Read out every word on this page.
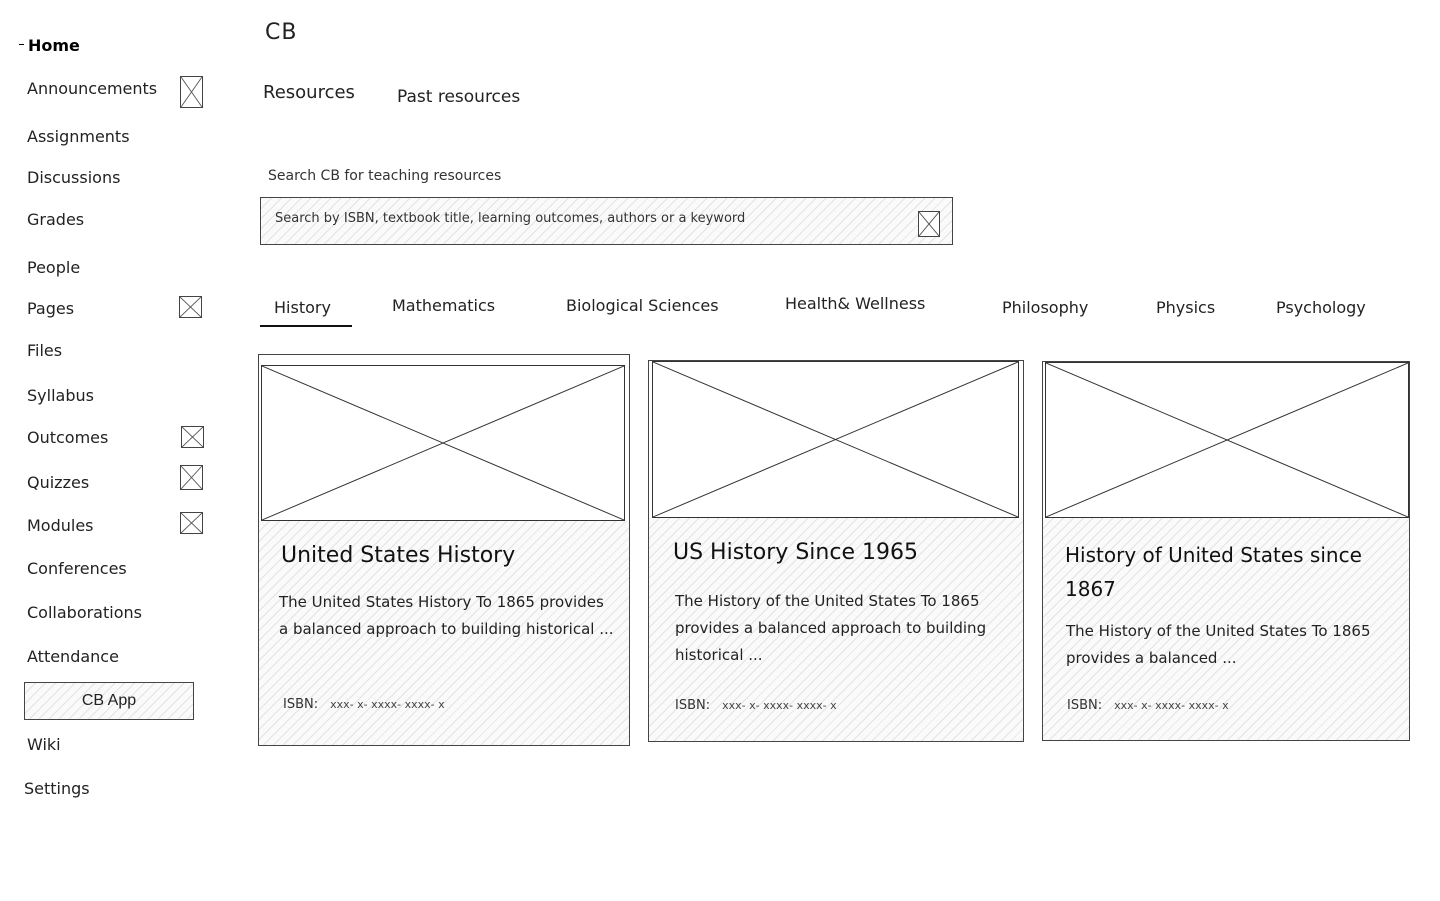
Home
Announcements
Assignments
Discussions
Grades
People
Pages
Files
Syllabus
Outcomes
Quizzes
Modules
Conferences
Collaborations
Attendance
CB App
Wiki
Settings
CB
Resources Past resources
Search CB for teaching resources
Search by ISBN, textbook title, learning outcomes, authors or a keyword
History	Mathematics	Biological Sciences	Health& Wellness	Philosophy	Physics	Psychology
United States History
The United States History To 1865 provides a balanced approach to building historical ...
ISBN: xxx- x- xxxx- xxxx- x
US History Since 1965
The History of the United States To 1865 provides a balanced approach to building historical ...
ISBN: xxx- x- xxxx- xxxx- x
History of United States since 1867
The History of the United States To 1865 provides a balanced ...
ISBN: xxx- x- xxxx- xxxx- x
